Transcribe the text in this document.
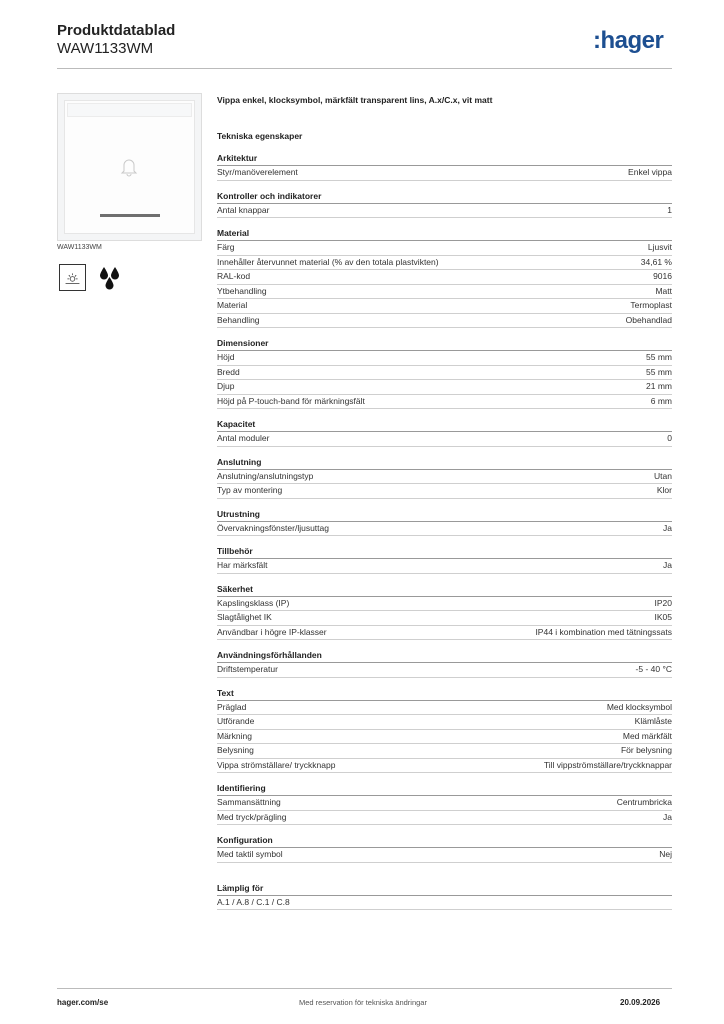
Produktdatablad
WAW1133WM	:hager
WAW1133WM
Vippa enkel, klocksymbol, märkfält transparent lins, A.x/C.x, vit matt
Tekniska egenskaper
Arkitektur
Styr/manöverelement	Enkel vippa
Kontroller och indikatorer
Antal knappar	1
Material
Färg	Ljusvit
Innehåller återvunnet material (% av den totala plastvikten)	34,61 %
RAL-kod	9016
Ytbehandling	Matt
Material	Termoplast
Behandling	Obehandlad
Dimensioner
Höjd	55 mm
Bredd	55 mm
Djup	21 mm
Höjd på P-touch-band för märkningsfält	6 mm
Kapacitet
Antal moduler	0
Anslutning
Anslutning/anslutningstyp	Utan
Typ av montering	Klor
Utrustning
Övervakningsfönster/ljusuttag	Ja
Tillbehör
Har märksfält	Ja
Säkerhet
Kapslingsklass (IP)	IP20
Slagtålighet IK	IK05
Användbar i högre IP-klasser	IP44 i kombination med tätningssats
Användningsförhållanden
Driftstemperatur	-5 - 40 °C
Text
Präglad	Med klocksymbol
Utförande	Klämlåste
Märkning	Med märkfält
Belysning	För belysning
Vippa strömställare/ tryckknapp	Till vippströmställare/tryckknappar
Identifiering
Sammansättning	Centrumbricka
Med tryck/prägling	Ja
Konfiguration
Med taktil symbol	Nej
Lämplig för
A.1 / A.8 / C.1 / C.8
hager.com/se	Med reservation för tekniska ändringar	20.09.2026
